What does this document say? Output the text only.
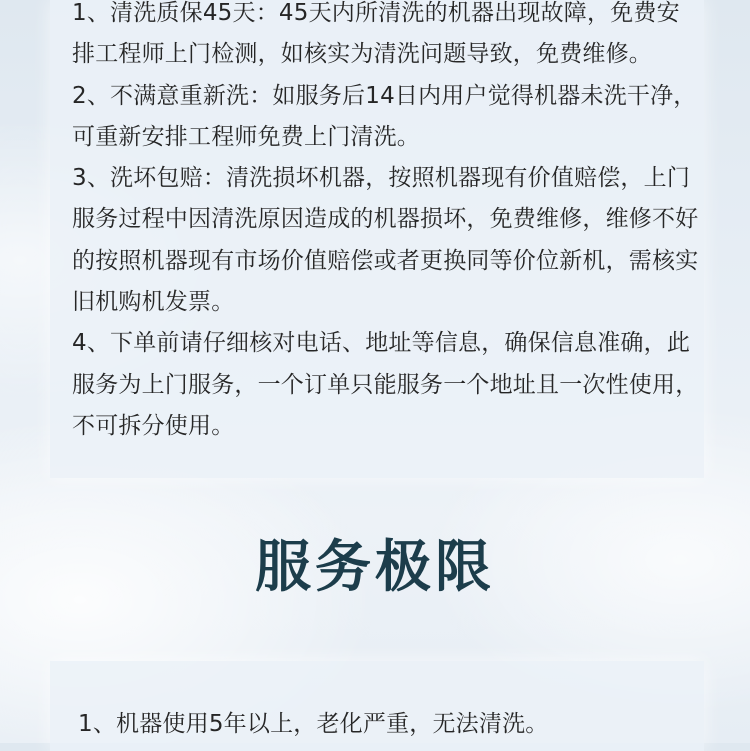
1、清洗质保45天：45天内所清洗的机器出现故障，免费安排工程师上门检测，如核实为清洗问题导致，免费维修。

2、不满意重新洗：如服务后14日内用户觉得机器未洗干净，可重新安排工程师免费上门清洗。

3、洗坏包赔：清洗损坏机器，按照机器现有价值赔偿，上门服务过程中因清洗原因造成的机器损坏，免费维修，维修不好的按照机器现有市场价值赔偿或者更换同等价位新机，需核实旧机购机发票。

4、下单前请仔细核对电话、地址等信息，确保信息准确，此服务为上门服务，一个订单只能服务一个地址且一次性使用，不可拆分使用。

服务极限

1、机器使用5年以上，老化严重，无法清洗。
